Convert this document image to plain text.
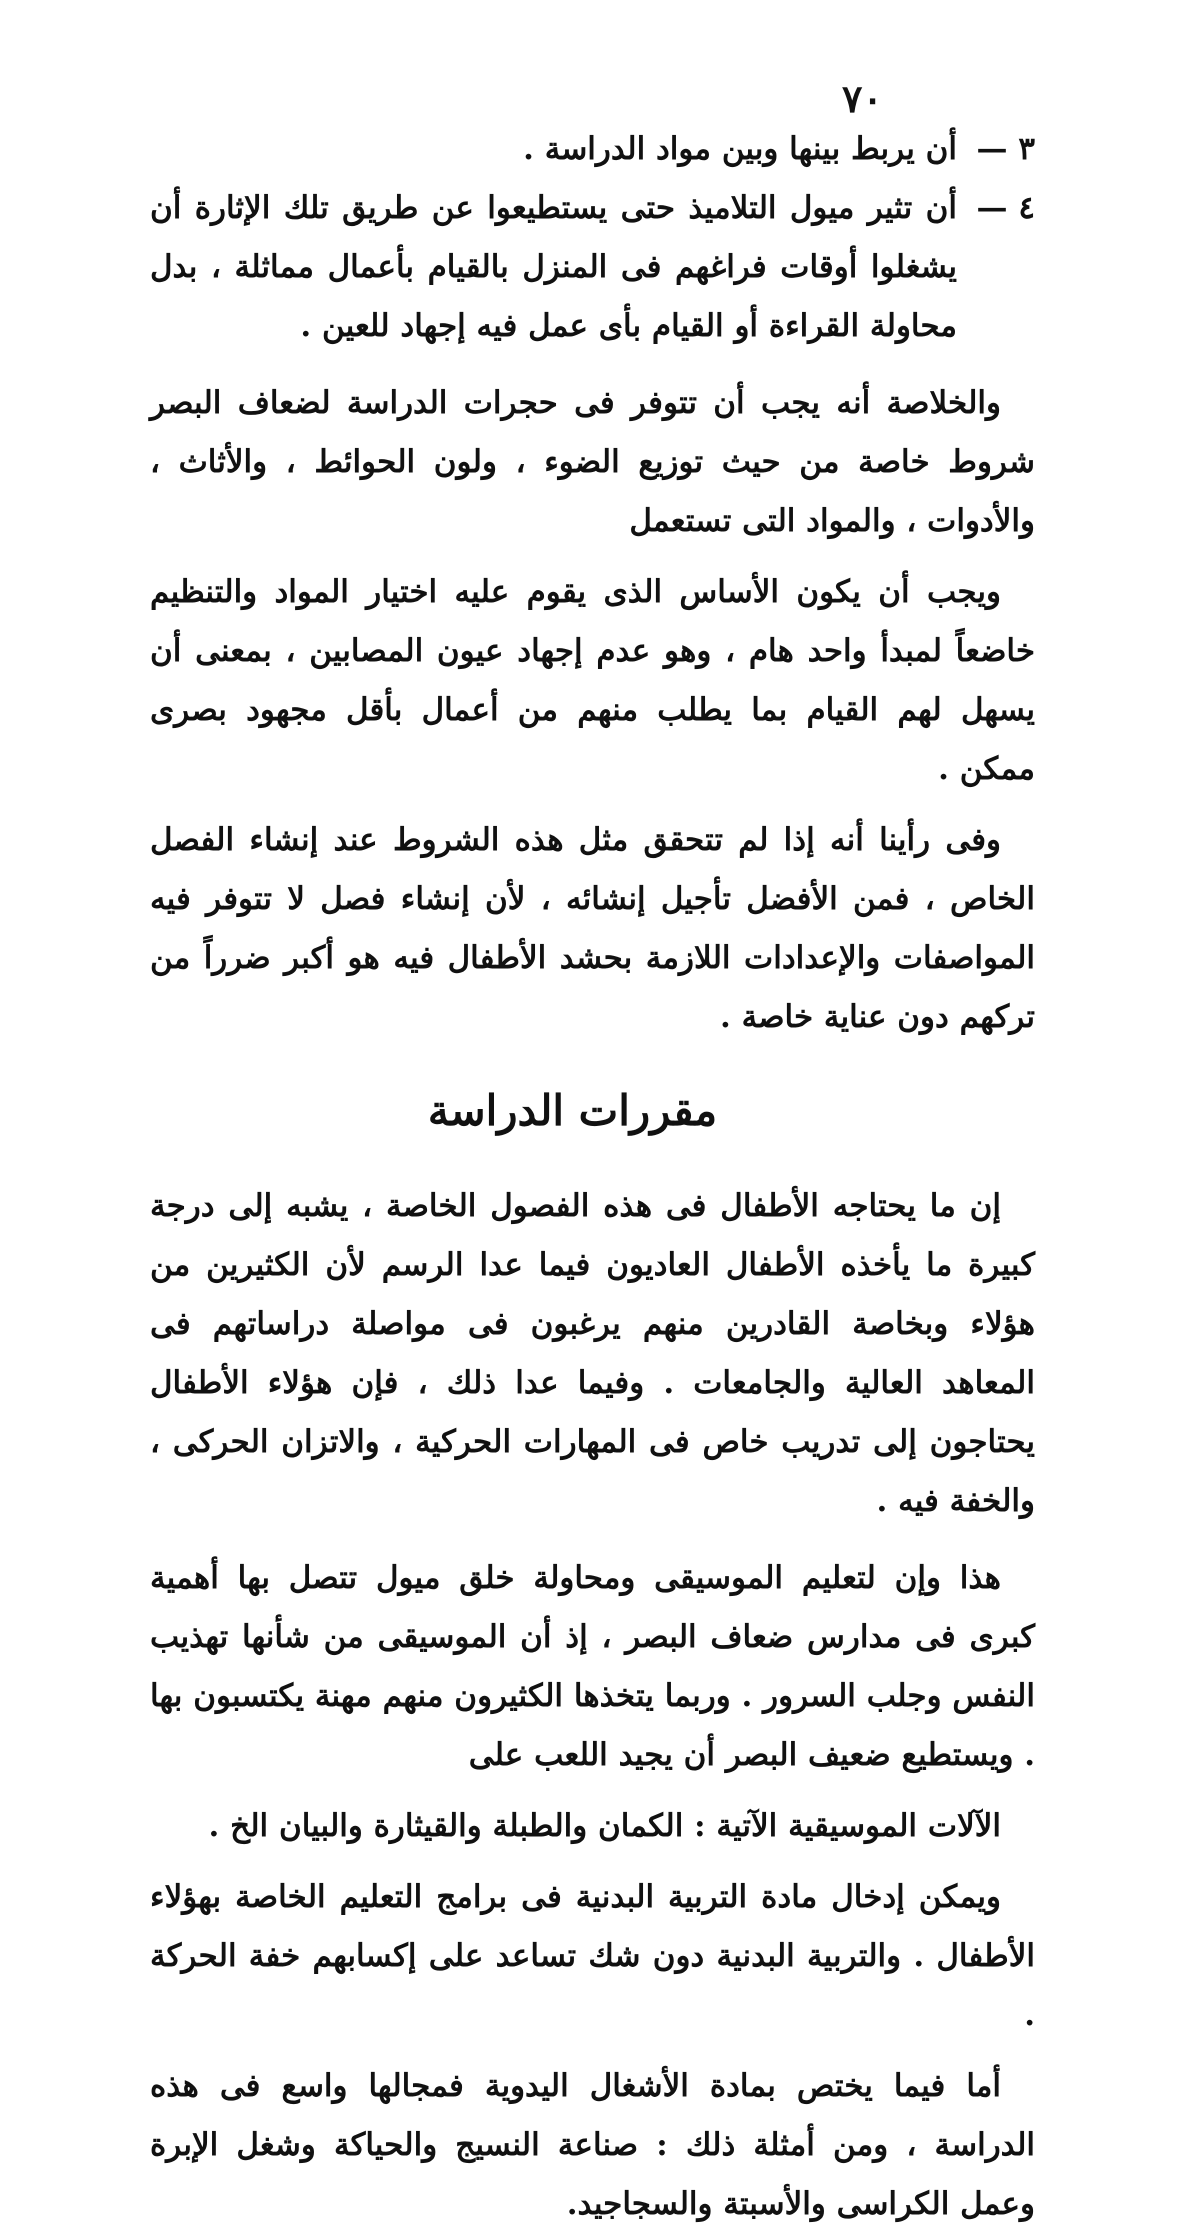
٧٠
٣ —
أن يربط بينها وبين مواد الدراسة .
٤ —
أن تثير ميول التلاميذ حتى يستطيعوا عن طريق تلك الإثارة أن يشغلوا أوقات فراغهم فى المنزل بالقيام بأعمال مماثلة ، بدل محاولة القراءة أو القيام بأى عمل فيه إجهاد للعين .

والخلاصة أنه يجب أن تتوفر فى حجرات الدراسة لضعاف البصر شروط خاصة من حيث توزيع الضوء ، ولون الحوائط ، والأثاث ، والأدوات ، والمواد التى تستعمل

ويجب أن يكون الأساس الذى يقوم عليه اختيار المواد والتنظيم خاضعاً لمبدأ واحد هام ، وهو عدم إجهاد عيون المصابين ، بمعنى أن يسهل لهم القيام بما يطلب منهم من أعمال بأقل مجهود بصرى ممكن .

وفى رأينا أنه إذا لم تتحقق مثل هذه الشروط عند إنشاء الفصل الخاص ، فمن الأفضل تأجيل إنشائه ، لأن إنشاء فصل لا تتوفر فيه المواصفات والإعدادات اللازمة بحشد الأطفال فيه هو أكبر ضرراً من تركهم دون عناية خاصة .

مقررات الدراسة

إن ما يحتاجه الأطفال فى هذه الفصول الخاصة ، يشبه إلى درجة كبيرة ما يأخذه الأطفال العاديون فيما عدا الرسم لأن الكثيرين من هؤلاء وبخاصة القادرين منهم يرغبون فى مواصلة دراساتهم فى المعاهد العالية والجامعات . وفيما عدا ذلك ، فإن هؤلاء الأطفال يحتاجون إلى تدريب خاص فى المهارات الحركية ، والاتزان الحركى ، والخفة فيه .

هذا وإن لتعليم الموسيقى ومحاولة خلق ميول تتصل بها أهمية كبرى فى مدارس ضعاف البصر ، إذ أن الموسيقى من شأنها تهذيب النفس وجلب السرور . وربما يتخذها الكثيرون منهم مهنة يكتسبون بها . ويستطيع ضعيف البصر أن يجيد اللعب على

الآلات الموسيقية الآتية : الكمان والطبلة والقيثارة والبيان الخ .

ويمكن إدخال مادة التربية البدنية فى برامج التعليم الخاصة بهؤلاء الأطفال . والتربية البدنية دون شك تساعد على إكسابهم خفة الحركة .

أما فيما يختص بمادة الأشغال اليدوية فمجالها واسع فى هذه الدراسة ، ومن أمثلة ذلك : صناعة النسيج والحياكة وشغل الإبرة وعمل الكراسى والأسبتة والسجاجيد.
